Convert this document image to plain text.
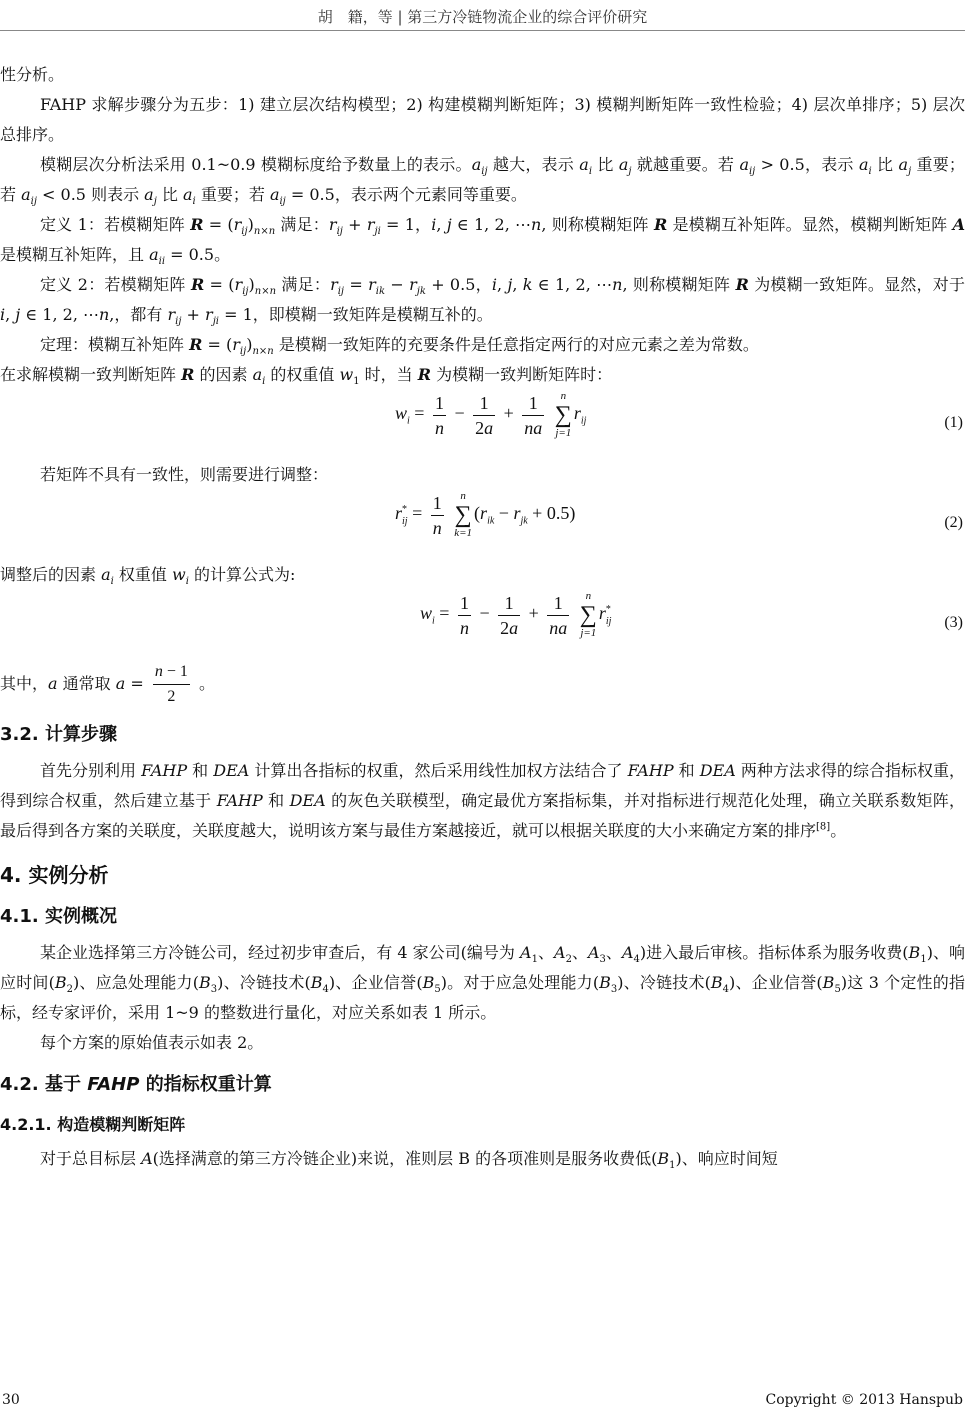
胡　籍，等 | 第三方冷链物流企业的综合评价研究

性分析。

FAHP 求解步骤分为五步：1) 建立层次结构模型；2) 构建模糊判断矩阵；3) 模糊判断矩阵一致性检验；4) 层次单排序；5) 层次总排序。

模糊层次分析法采用 0.1~0.9 模糊标度给予数量上的表示。$a_{ij}$ 越大，表示 $a_i$ 比 $a_j$ 就越重要。若 $a_{ij} > 0.5$，表示 $a_i$ 比 $a_j$ 重要；若 $a_{ij} < 0.5$ 则表示 $a_j$ 比 $a_i$ 重要；若 $a_{ij} = 0.5$，表示两个元素同等重要。

定义 1：若模糊矩阵 $R = (r_{ij})_{n\times n}$ 满足：$r_{ij} + r_{ji} = 1$，i, j ∈ 1, 2, ⋯n, 则称模糊矩阵 R 是模糊互补矩阵。显然，模糊判断矩阵 A 是模糊互补矩阵，且 $a_{ii} = 0.5$。

定义 2：若模糊矩阵 $R = (r_{ij})_{n\times n}$ 满足：$r_{ij} = r_{ik} - r_{jk} + 0.5$，i, j, k ∈ 1, 2, ⋯n, 则称模糊矩阵 R 为模糊一致矩阵。显然，对于 i, j ∈ 1, 2, ⋯n,，都有 $r_{ij} + r_{ji} = 1$，即模糊一致矩阵是模糊互补的。

定理：模糊互补矩阵 $R = (r_{ij})_{n\times n}$ 是模糊一致矩阵的充要条件是任意指定两行的对应元素之差为常数。

在求解模糊一致判断矩阵 R 的因素 $a_i$ 的权重值 $w_1$ 时，当 R 为模糊一致判断矩阵时：

$w_i = \frac{1}{n} - \frac{1}{2a} + \frac{1}{na}$
	n
∑
j=1
$r_{ij}$	(1)

若矩阵不具有一致性，则需要进行调整：

$r^*_{ij} = \frac{1}{n}$
	n
∑
k=1
$(r_{ik} - r_{jk} + 0.5)$	(2)

调整后的因素 $a_i$ 权重值 $w_i$ 的计算公式为:

$w_i = \frac{1}{n} - \frac{1}{2a} + \frac{1}{na}$
	n
∑
j=1
$r^*_{ij}$	(3)

其中，a 通常取 $a = \frac{n - 1}{2}$ 。

3.2. 计算步骤

首先分别利用 FAHP 和 DEA 计算出各指标的权重，然后采用线性加权方法结合了 FAHP 和 DEA 两种方法求得的综合指标权重，得到综合权重，然后建立基于 FAHP 和 DEA 的灰色关联模型，确定最优方案指标集，并对指标进行规范化处理，确立关联系数矩阵，最后得到各方案的关联度，关联度越大，说明该方案与最佳方案越接近，就可以根据关联度的大小来确定方案的排序[8]。

4. 实例分析
4.1. 实例概况

某企业选择第三方冷链公司，经过初步审查后，有 4 家公司(编号为 $A_1$、$A_2$、$A_3$、$A_4$)进入最后审核。指标体系为服务收费$(B_1)$、响应时间$(B_2)$、应急处理能力$(B_3)$、冷链技术$(B_4)$、企业信誉$(B_5)$。对于应急处理能力$(B_3)$、冷链技术$(B_4)$、企业信誉$(B_5)$这 3 个定性的指标，经专家评价，采用 1~9 的整数进行量化，对应关系如表 1 所示。

每个方案的原始值表示如表 2。

4.2. 基于 FAHP 的指标权重计算
4.2.1. 构造模糊判断矩阵

对于总目标层 A(选择满意的第三方冷链企业)来说，准则层 B 的各项准则是服务收费低$(B_1)$、响应时间短

30	Copyright © 2013 Hanspub
